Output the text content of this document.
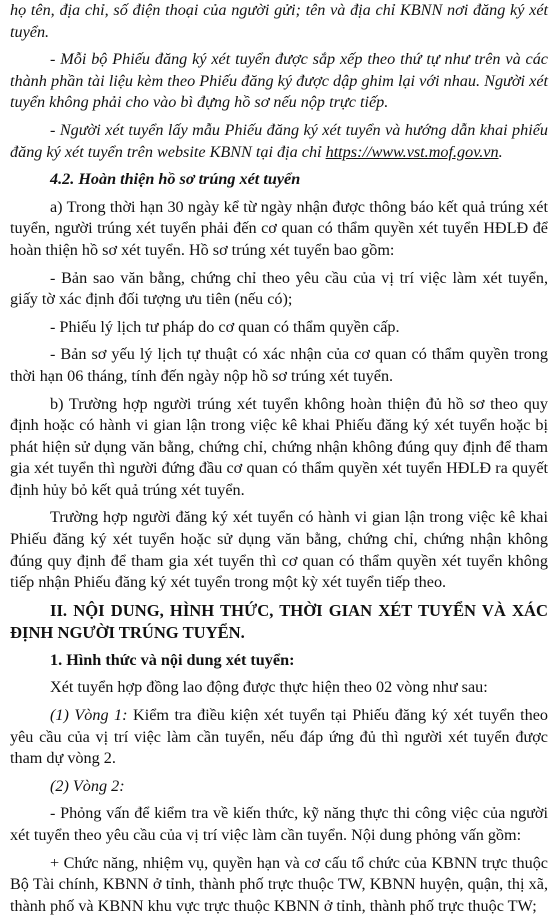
họ tên, địa chỉ, số điện thoại của người gửi; tên và địa chỉ KBNN nơi đăng ký xét tuyển.

- Mỗi bộ Phiếu đăng ký xét tuyển được sắp xếp theo thứ tự như trên và các thành phần tài liệu kèm theo Phiếu đăng ký được dập ghim lại với nhau. Người xét tuyển không phải cho vào bì đựng hồ sơ nếu nộp trực tiếp.

- Người xét tuyển lấy mẫu Phiếu đăng ký xét tuyển và hướng dẫn khai phiếu đăng ký xét tuyển trên website KBNN tại địa chỉ https://www.vst.mof.gov.vn.

4.2. Hoàn thiện hồ sơ trúng xét tuyển

a) Trong thời hạn 30 ngày kể từ ngày nhận được thông báo kết quả trúng xét tuyển, người trúng xét tuyển phải đến cơ quan có thẩm quyền xét tuyển HĐLĐ để hoàn thiện hồ sơ xét tuyển. Hồ sơ trúng xét tuyển bao gồm:

- Bản sao văn bằng, chứng chỉ theo yêu cầu của vị trí việc làm xét tuyển, giấy tờ xác định đối tượng ưu tiên (nếu có);

- Phiếu lý lịch tư pháp do cơ quan có thẩm quyền cấp.

- Bản sơ yếu lý lịch tự thuật có xác nhận của cơ quan có thẩm quyền trong thời hạn 06 tháng, tính đến ngày nộp hồ sơ trúng xét tuyển.

b) Trường hợp người trúng xét tuyển không hoàn thiện đủ hồ sơ theo quy định hoặc có hành vi gian lận trong việc kê khai Phiếu đăng ký xét tuyển hoặc bị phát hiện sử dụng văn bằng, chứng chỉ, chứng nhận không đúng quy định để tham gia xét tuyển thì người đứng đầu cơ quan có thẩm quyền xét tuyển HĐLĐ ra quyết định hủy bỏ kết quả trúng xét tuyển.

Trường hợp người đăng ký xét tuyển có hành vi gian lận trong việc kê khai Phiếu đăng ký xét tuyển hoặc sử dụng văn bằng, chứng chỉ, chứng nhận không đúng quy định để tham gia xét tuyển thì cơ quan có thẩm quyền xét tuyển không tiếp nhận Phiếu đăng ký xét tuyển trong một kỳ xét tuyển tiếp theo.

II. NỘI DUNG, HÌNH THỨC, THỜI GIAN XÉT TUYỂN VÀ XÁC ĐỊNH NGƯỜI TRÚNG TUYỂN.

1. Hình thức và nội dung xét tuyển:

Xét tuyển hợp đồng lao động được thực hiện theo 02 vòng như sau:

(1) Vòng 1: Kiểm tra điều kiện xét tuyển tại Phiếu đăng ký xét tuyển theo yêu cầu của vị trí việc làm cần tuyển, nếu đáp ứng đủ thì người xét tuyển được tham dự vòng 2.

(2) Vòng 2:

- Phỏng vấn để kiểm tra về kiến thức, kỹ năng thực thi công việc của người xét tuyển theo yêu cầu của vị trí việc làm cần tuyển. Nội dung phỏng vấn gồm:

+ Chức năng, nhiệm vụ, quyền hạn và cơ cấu tổ chức của KBNN trực thuộc Bộ Tài chính, KBNN ở tỉnh, thành phố trực thuộc TW, KBNN huyện, quận, thị xã, thành phố và KBNN khu vực trực thuộc KBNN ở tỉnh, thành phố trực thuộc TW;
